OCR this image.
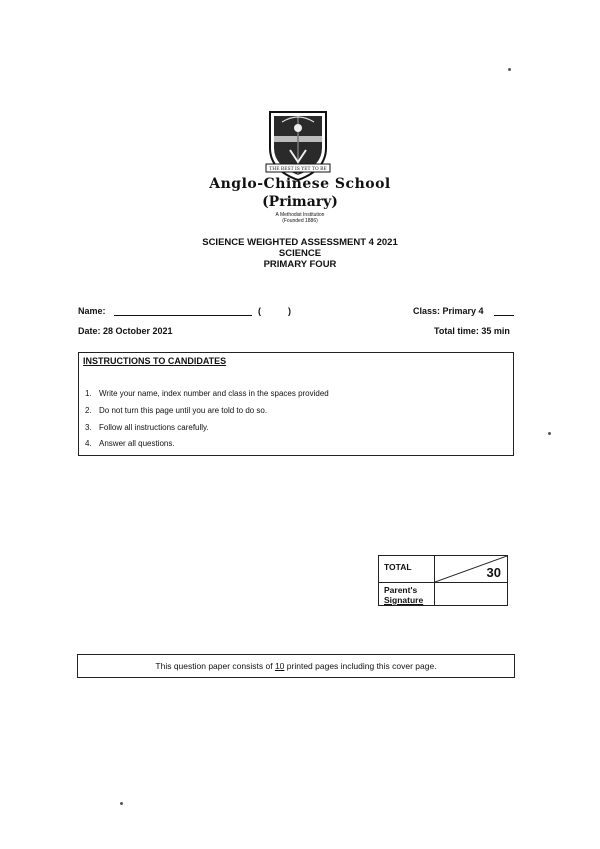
THE BEST IS YET TO BE
Anglo-Chinese School
(Primary)
A Methodist Institution
(Founded 1886)
SCIENCE WEIGHTED ASSESSMENT 4 2021
SCIENCE
PRIMARY FOUR
Name:	(	)	Class: Primary 4
Date: 28 October 2021	Total time: 35 min
INSTRUCTIONS TO CANDIDATES
1. Write your name, index number and class in the spaces provided
2. Do not turn this page until you are told to do so.
3. Follow all instructions carefully.
4. Answer all questions.
TOTAL	30

Parent's
Signature	
This question paper consists of 10 printed pages including this cover page.
